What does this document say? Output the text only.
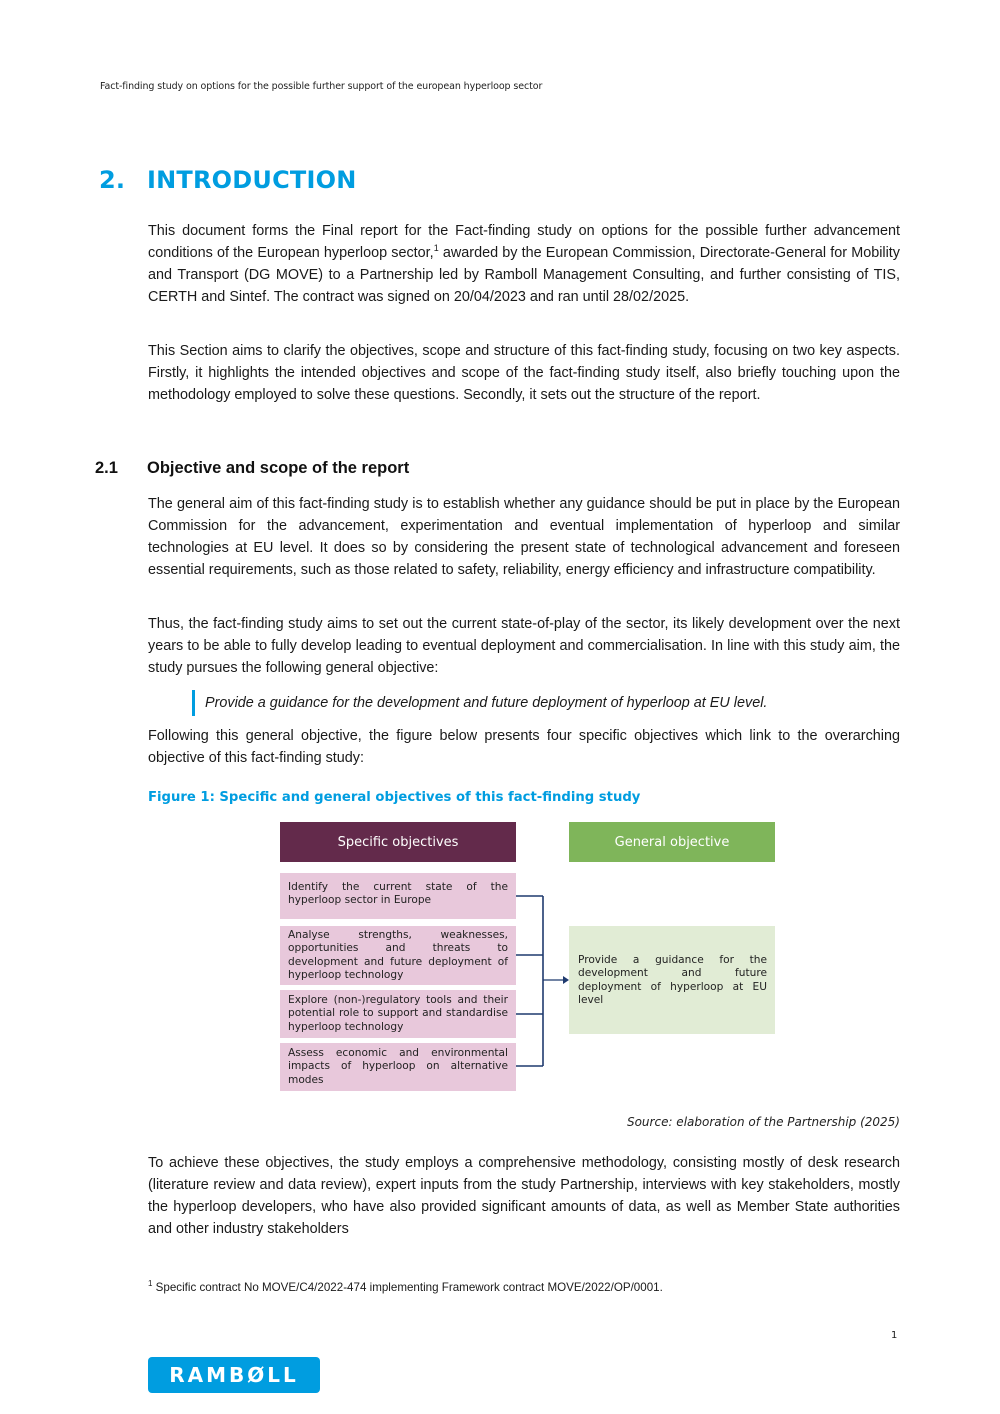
Fact-finding study on options for the possible further support of the european hyperloop sector
2. INTRODUCTION
This document forms the Final report for the Fact-finding study on options for the possible further advancement conditions of the European hyperloop sector,$^1$ awarded by the European Commission, Directorate-General for Mobility and Transport (DG MOVE) to a Partnership led by Ramboll Management Consulting, and further consisting of TIS, CERTH and Sintef. The contract was signed on 20/04/2023 and ran until 28/02/2025.
This Section aims to clarify the objectives, scope and structure of this fact-finding study, focusing on two key aspects. Firstly, it highlights the intended objectives and scope of the fact-finding study itself, also briefly touching upon the methodology employed to solve these questions. Secondly, it sets out the structure of the report.
2.1 Objective and scope of the report
The general aim of this fact-finding study is to establish whether any guidance should be put in place by the European Commission for the advancement, experimentation and eventual implementation of hyperloop and similar technologies at EU level. It does so by considering the present state of technological advancement and foreseen essential requirements, such as those related to safety, reliability, energy efficiency and infrastructure compatibility.
Thus, the fact-finding study aims to set out the current state-of-play of the sector, its likely development over the next years to be able to fully develop leading to eventual deployment and commercialisation. In line with this study aim, the study pursues the following general objective:
Provide a guidance for the development and future deployment of hyperloop at EU level.
Following this general objective, the figure below presents four specific objectives which link to the overarching objective of this fact-finding study:
Figure 1: Specific and general objectives of this fact-finding study
Specific objectives	General objective
Identify the current state of the hyperloop sector in Europe
Analyse strengths, weaknesses, opportunities and threats to development and future deployment of hyperloop technology
Explore (non-)regulatory tools and their potential role to support and standardise hyperloop technology
Assess economic and environmental impacts of hyperloop on alternative modes
Provide a guidance for the development and future deployment of hyperloop at EU level
Source: elaboration of the Partnership (2025)
To achieve these objectives, the study employs a comprehensive methodology, consisting mostly of desk research (literature review and data review), expert inputs from the study Partnership, interviews with key stakeholders, mostly the hyperloop developers, who have also provided significant amounts of data, as well as Member State authorities and other industry stakeholders
$^1$ Specific contract No MOVE/C4/2022-474 implementing Framework contract MOVE/2022/OP/0001.
1
RAMBØLL
